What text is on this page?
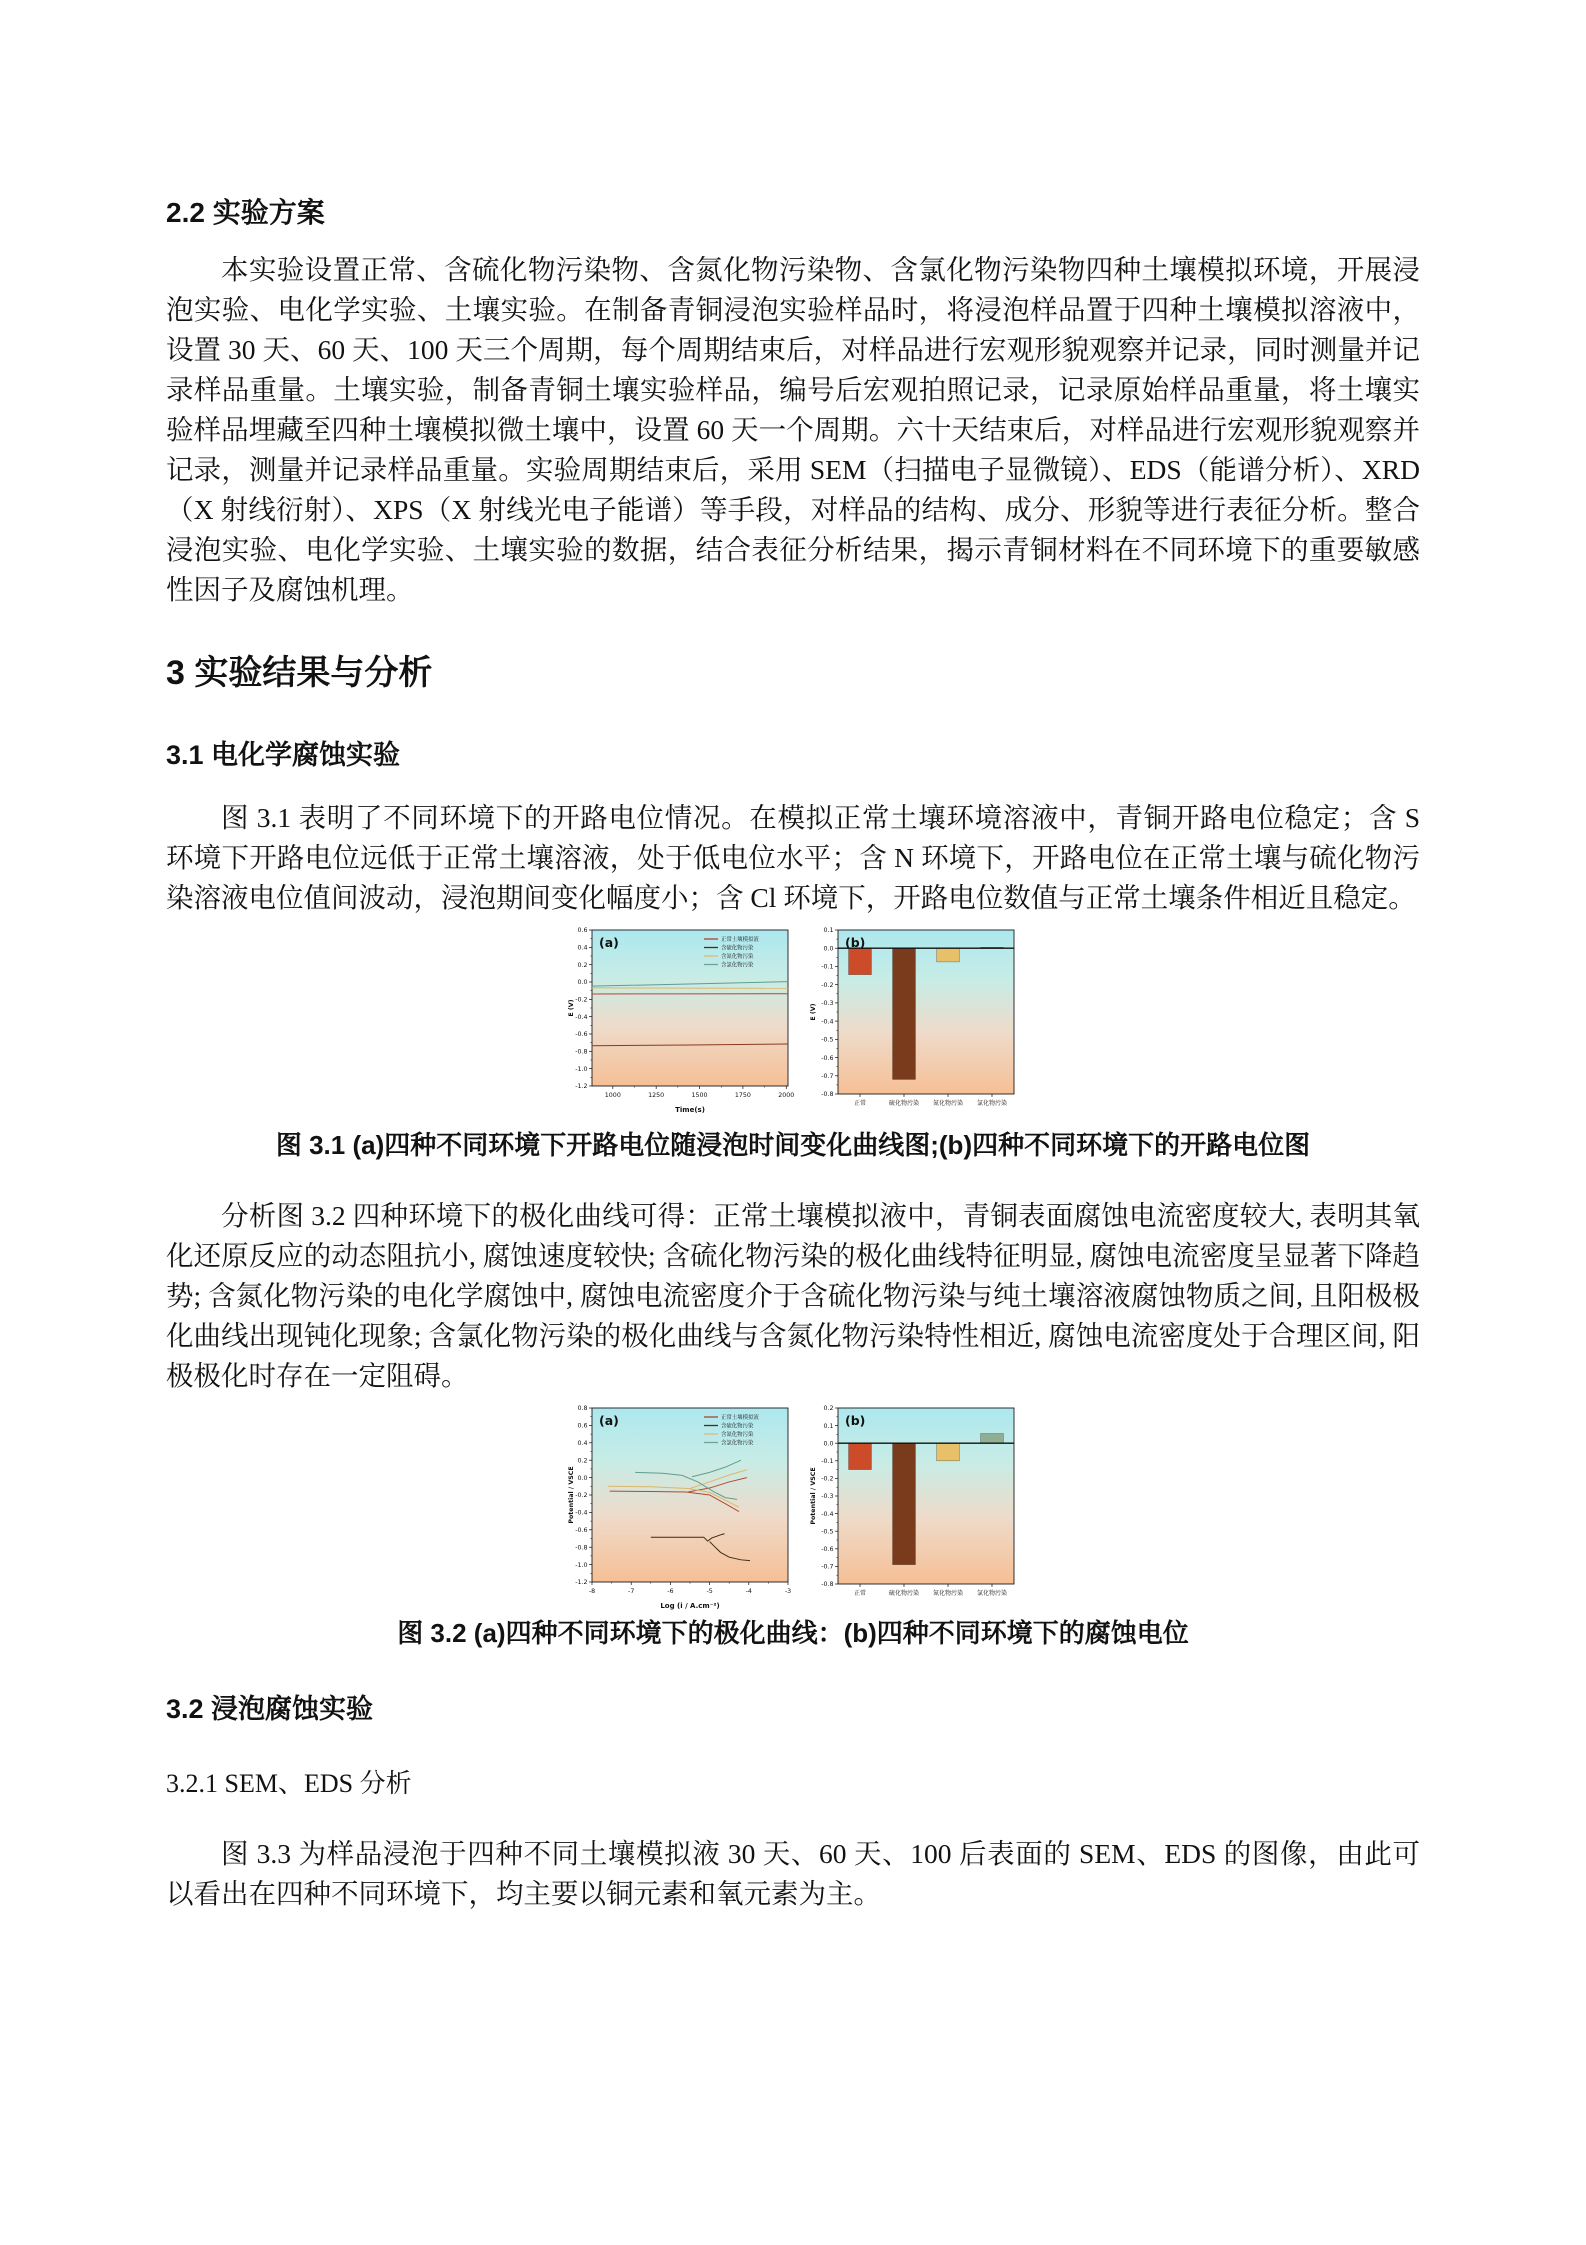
2.2 实验方案

本实验设置正常、含硫化物污染物、含氮化物污染物、含氯化物污染物四种土壤模拟环境，开展浸泡实验、电化学实验、土壤实验。在制备青铜浸泡实验样品时，将浸泡样品置于四种土壤模拟溶液中，设置 30 天、60 天、100 天三个周期，每个周期结束后，对样品进行宏观形貌观察并记录，同时测量并记录样品重量。土壤实验，制备青铜土壤实验样品，编号后宏观拍照记录，记录原始样品重量，将土壤实验样品埋藏至四种土壤模拟微土壤中，设置 60 天一个周期。六十天结束后，对样品进行宏观形貌观察并记录，测量并记录样品重量。实验周期结束后，采用 SEM（扫描电子显微镜）、EDS（能谱分析）、XRD（X 射线衍射）、XPS（X 射线光电子能谱）等手段，对样品的结构、成分、形貌等进行表征分析。整合浸泡实验、电化学实验、土壤实验的数据，结合表征分析结果，揭示青铜材料在不同环境下的重要敏感性因子及腐蚀机理。

3 实验结果与分析
3.1 电化学腐蚀实验

图 3.1 表明了不同环境下的开路电位情况。在模拟正常土壤环境溶液中，青铜开路电位稳定；含 S 环境下开路电位远低于正常土壤溶液，处于低电位水平；含 N 环境下，开路电位在正常土壤与硫化物污染溶液电位值间波动，浸泡期间变化幅度小；含 Cl 环境下，开路电位数值与正常土壤条件相近且稳定。

0.6
0.4
0.2
0.0
-0.2
-0.4
-0.6
-0.8
-1.0
-1.2
1000	1250	1500	1750	2000
正常土壤模拟液
含硫化物污染
含氮化物污染
含氯化物污染
(a)
E (V)
Time(s)
0.1
0.0
-0.1
-0.2
-0.3
-0.4
-0.5
-0.6
-0.7
-0.8
正常	硫化物污染 氮化物污染 氯化物污染
(b)
E (V)
图 3.1 (a)四种不同环境下开路电位随浸泡时间变化曲线图;(b)四种不同环境下的开路电位图

分析图 3.2 四种环境下的极化曲线可得：正常土壤模拟液中，青铜表面腐蚀电流密度较大, 表明其氧化还原反应的动态阻抗小, 腐蚀速度较快; 含硫化物污染的极化曲线特征明显, 腐蚀电流密度呈显著下降趋势; 含氮化物污染的电化学腐蚀中, 腐蚀电流密度介于含硫化物污染与纯土壤溶液腐蚀物质之间, 且阳极极化曲线出现钝化现象; 含氯化物污染的极化曲线与含氮化物污染特性相近, 腐蚀电流密度处于合理区间, 阳极极化时存在一定阻碍。

0.8
0.6
0.4
0.2
0.0
-0.2
-0.4
-0.6
-0.8
-1.0
-1.2
-8	-7	-6	-5	-4	-3
正常土壤模拟液
含硫化物污染
含氮化物污染
含氯化物污染
(a)
Potential / VSCE
Log (i / A.cm⁻²)
0.2
0.1
0.0
-0.1
-0.2
-0.3
-0.4
-0.5
-0.6
-0.7
-0.8
正常	硫化物污染 氮化物污染 氯化物污染
(b)
Potential / VSCE
图 3.2 (a)四种不同环境下的极化曲线：(b)四种不同环境下的腐蚀电位
3.2 浸泡腐蚀实验
3.2.1 SEM、EDS 分析

图 3.3 为样品浸泡于四种不同土壤模拟液 30 天、60 天、100 后表面的 SEM、EDS 的图像，由此可以看出在四种不同环境下，均主要以铜元素和氧元素为主。
